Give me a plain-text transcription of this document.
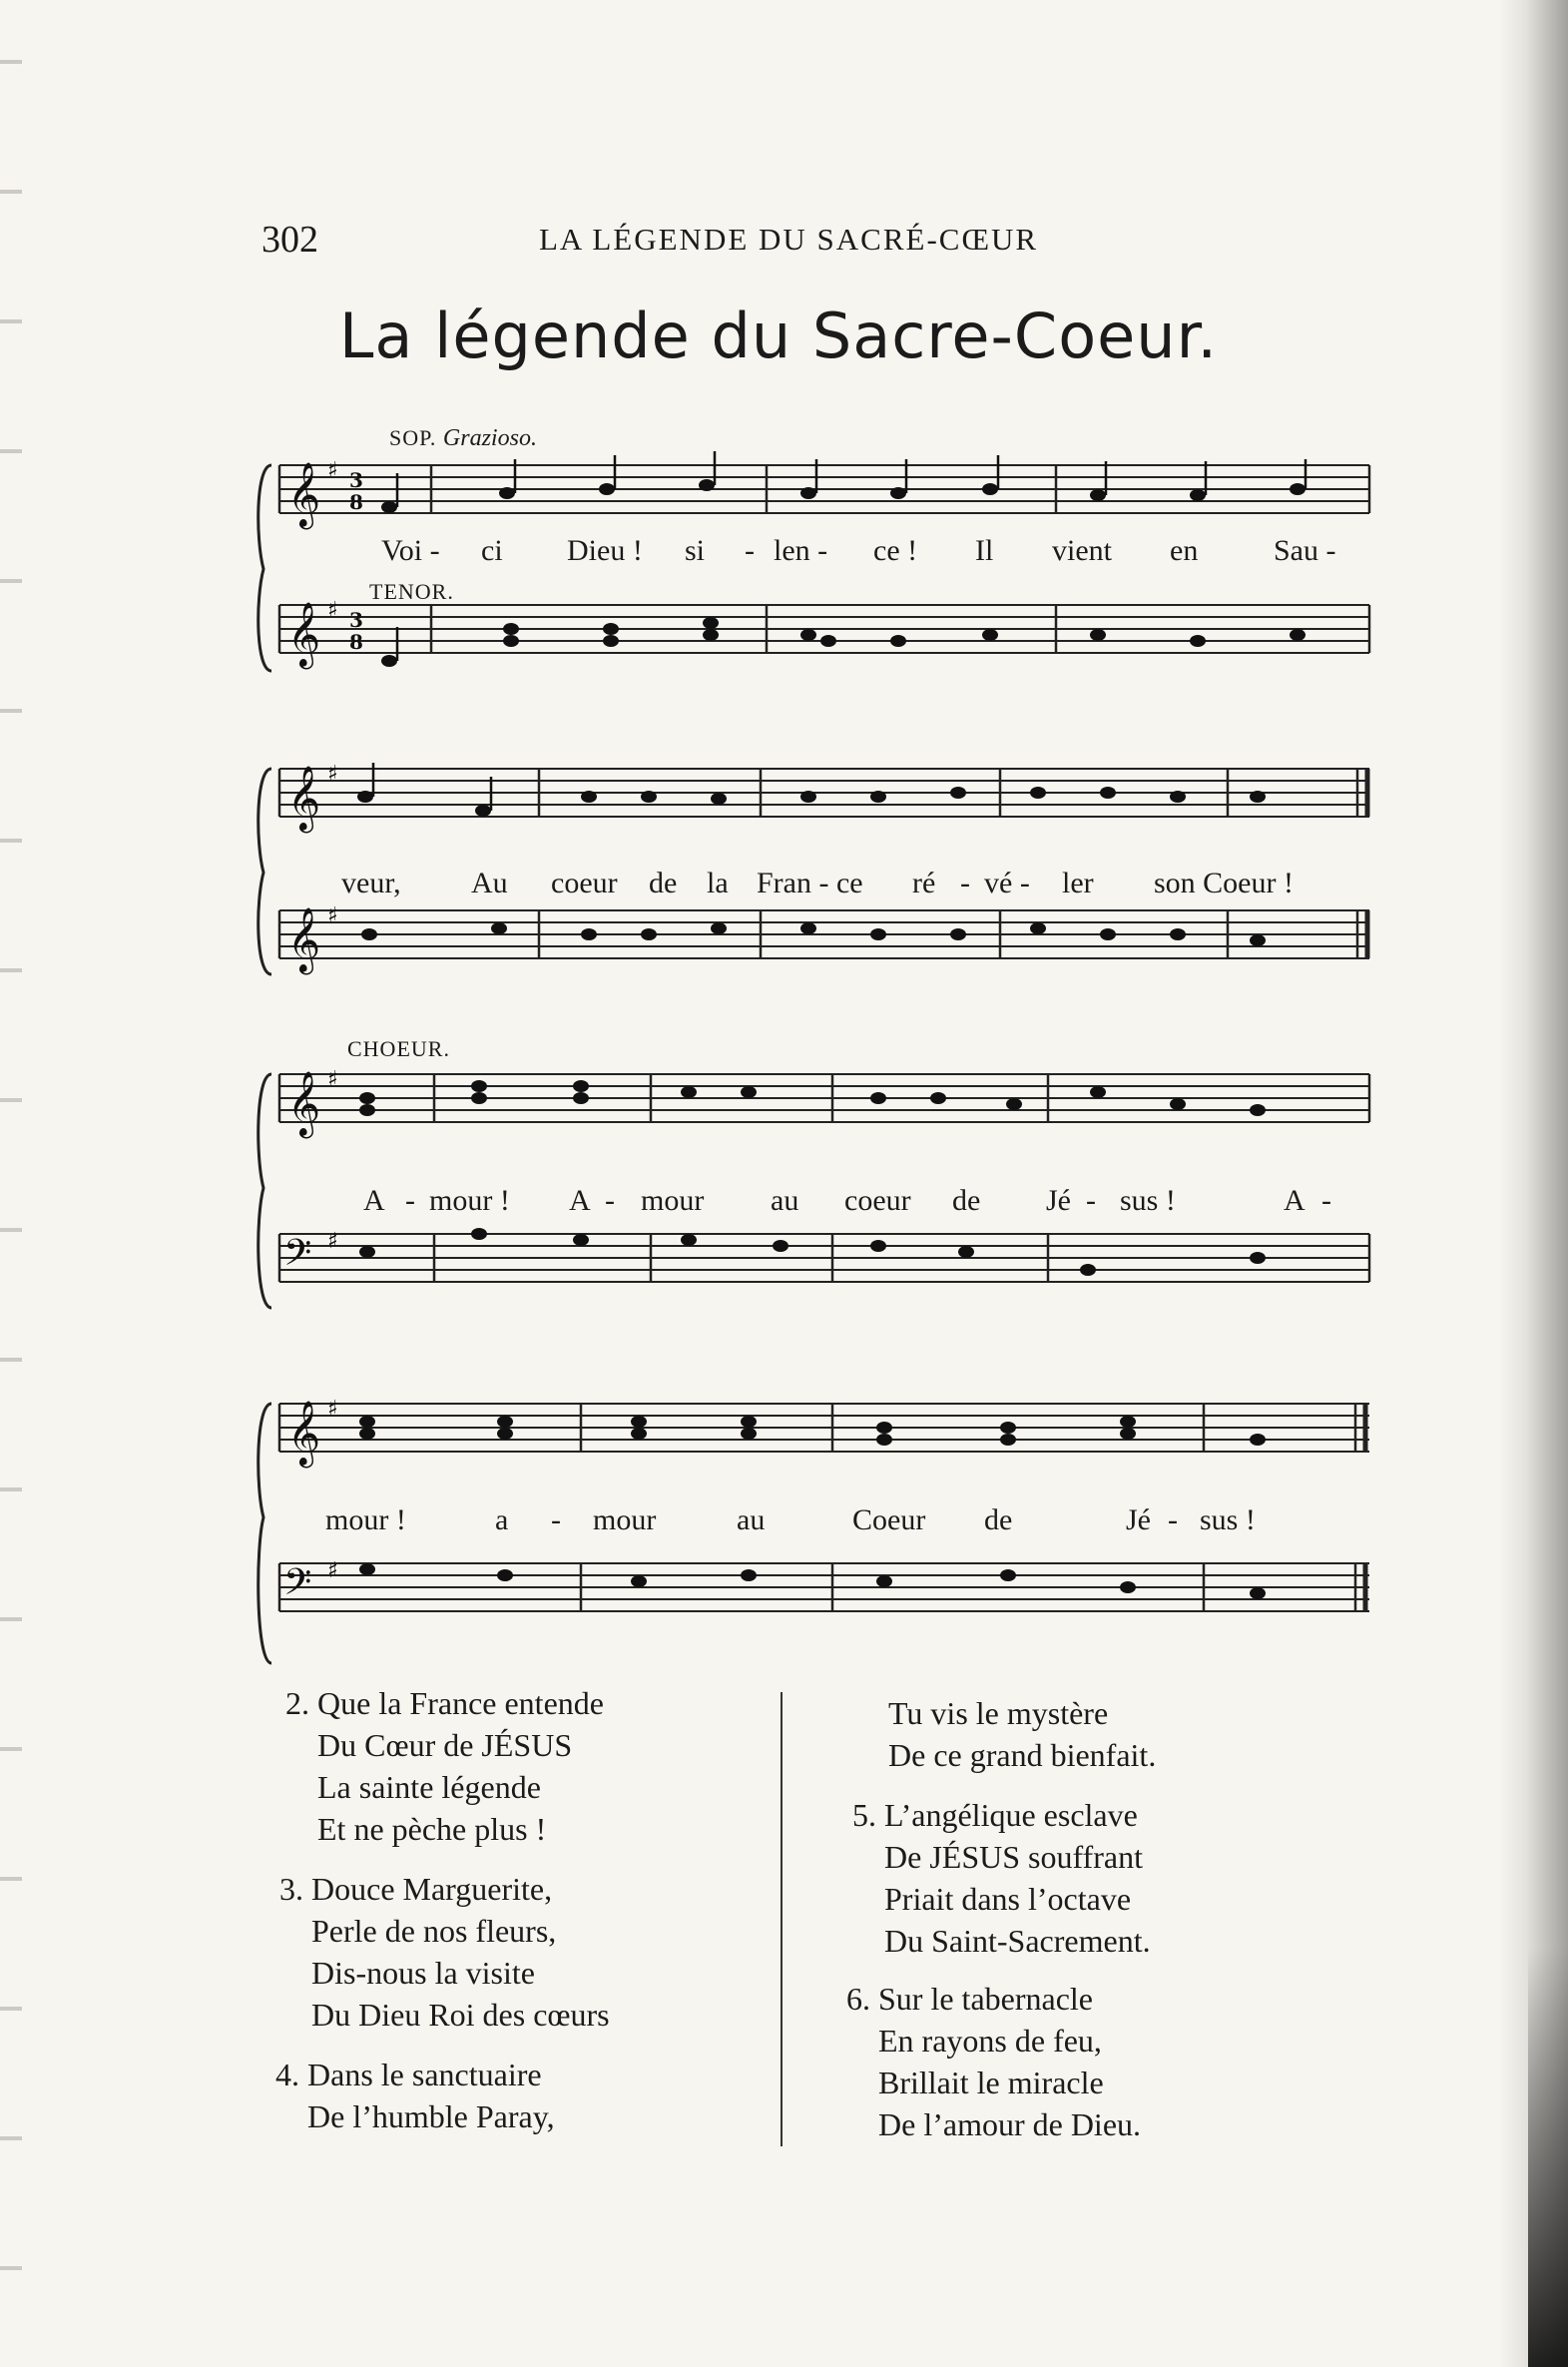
302	LA LÉGENDE DU SACRÉ-CŒUR
La légende du Sacre-Coeur.
SOP. Grazioso.
TENOR.
𝄞 ♯ 3
8
𝄞 ♯ 3
8
Voi - ci Dieu ! si - len - ce ! Il vient en	Sau -
𝄞 ♯
𝄞 ♯
veur, Au coeur de la Fran - ce ré - vé - ler son Coeur !
CHOEUR.
𝄞 ♯
𝄢 ♯
A - mour ! A - mour au coeur de Jé - sus !	A -
𝄞 ♯
𝄢 ♯
mour !	a - mour	au	Coeur de	Jé - sus !
2. Que la France entende
Du Cœur de JÉSUS
La sainte légende
Et ne pèche plus !
3. Douce Marguerite,
Perle de nos fleurs,
Dis-nous la visite
Du Dieu Roi des cœurs
4. Dans le sanctuaire
De l’humble Paray,
Tu vis le mystère
De ce grand bienfait.
5. L’angélique esclave
De JÉSUS souffrant
Priait dans l’octave
Du Saint-Sacrement.
6. Sur le tabernacle
En rayons de feu,
Brillait le miracle
De l’amour de Dieu.
